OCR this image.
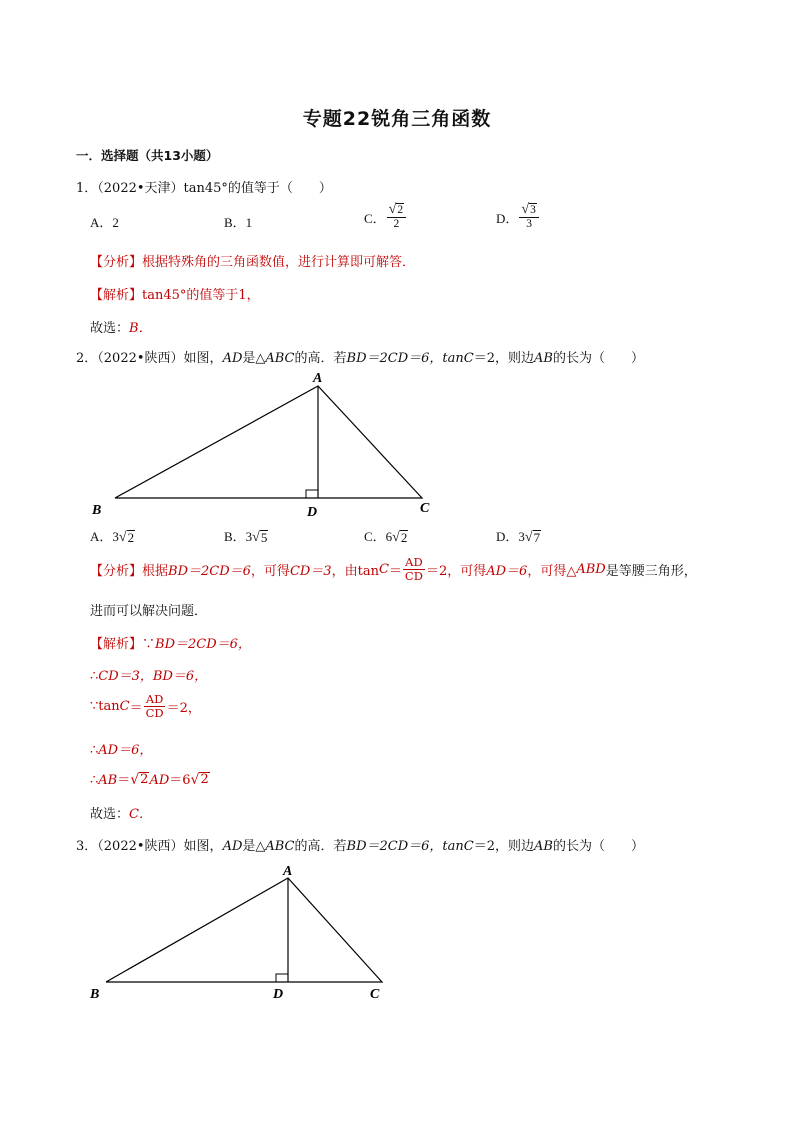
专题22锐角三角函数
一．选择题（共13小题）
1．（2022•天津）tan45°的值等于（　　）
A．2	B．1	C． $\frac{√ 2}{2}$	D． $\frac{√ 3}{3}$
【分析】根据特殊角的三角函数值，进行计算即可解答．
【解析】tan45°的值等于1，
故选：B．
2．（2022•陕西）如图，AD是△ABC的高．若BD＝2CD＝6，tanC＝2，则边AB的长为（　　）
A
B	C
D
A．3 √ 2	B．3 √ 5	C．6 √ 2	D．3 √ 7
【分析】 根据 BD＝2CD＝6 ，可得 CD＝3 ，由$\tan C = \frac{AD}{CD} =2$，可得 AD＝6 ，可得△ ABD 是等腰三角形，
进而可以解决问题．
【解析】∵BD＝2CD＝6，
∴CD＝3，BD＝6，
∵tan $C = \frac{AD}{CD} =2$，
∴AD＝6，
∴AB＝ √ 2 AD＝6 √ 2
故选：C．
3．（2022•陕西）如图，AD是△ABC的高．若BD＝2CD＝6，tanC＝2，则边AB的长为（　　）
A
B	C
D
